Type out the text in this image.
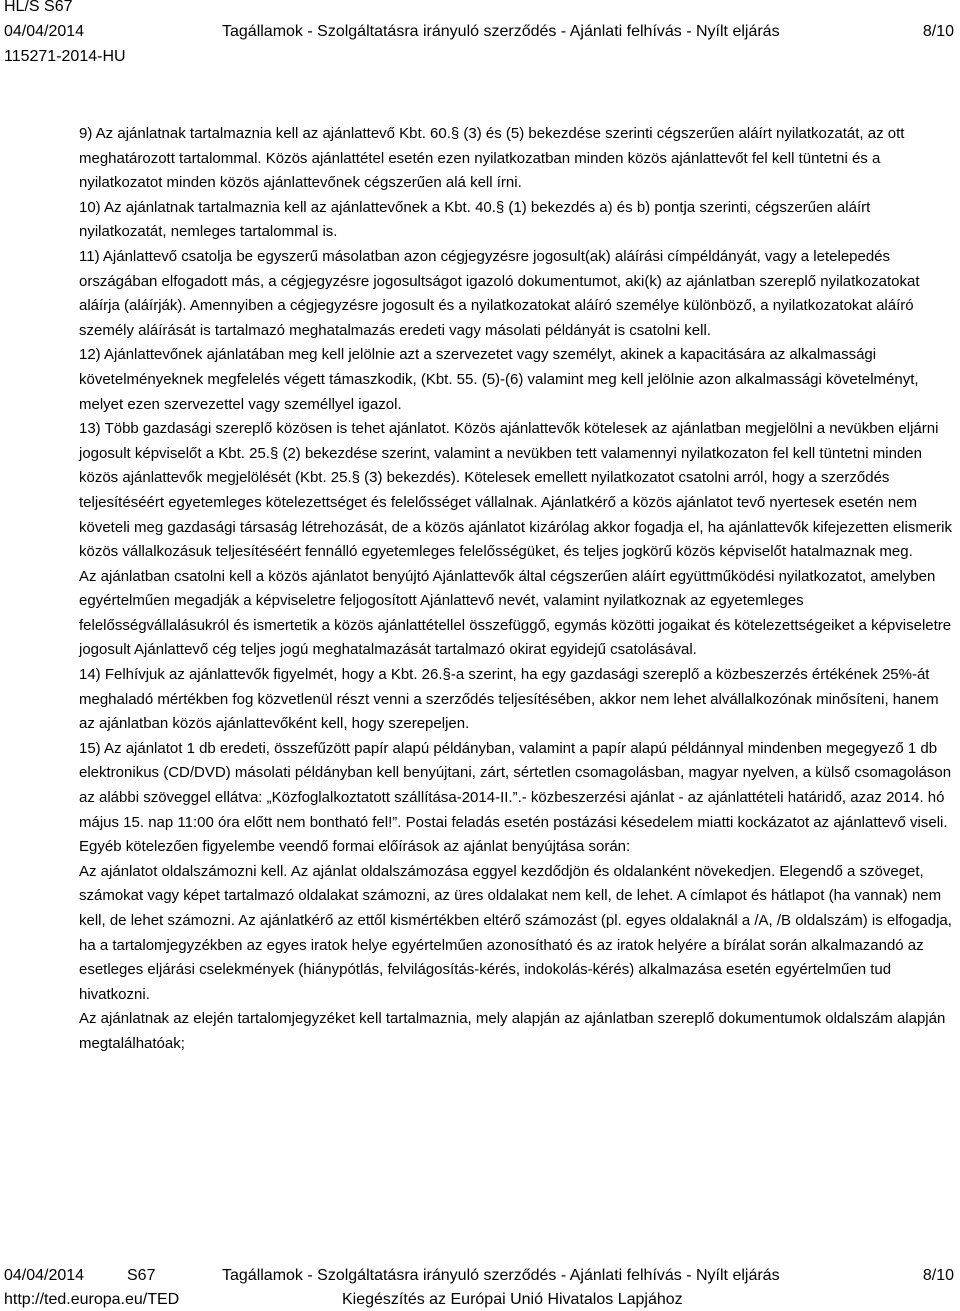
HL/S S67
04/04/2014	Tagállamok - Szolgáltatásra irányuló szerződés - Ajánlati felhívás - Nyílt eljárás	8/10
115271-2014-HU

9) Az ajánlatnak tartalmaznia kell az ajánlattevő Kbt. 60.§ (3) és (5) bekezdése szerinti cégszerűen aláírt nyilatkozatát, az ott meghatározott tartalommal. Közös ajánlattétel esetén ezen nyilatkozatban minden közös ajánlattevőt fel kell tüntetni és a nyilatkozatot minden közös ajánlattevőnek cégszerűen alá kell írni.

10) Az ajánlatnak tartalmaznia kell az ajánlattevőnek a Kbt. 40.§ (1) bekezdés a) és b) pontja szerinti, cégszerűen aláírt nyilatkozatát, nemleges tartalommal is.

11) Ajánlattevő csatolja be egyszerű másolatban azon cégjegyzésre jogosult(ak) aláírási címpéldányát, vagy a letelepedés országában elfogadott más, a cégjegyzésre jogosultságot igazoló dokumentumot, aki(k) az ajánlatban szereplő nyilatkozatokat aláírja (aláírják). Amennyiben a cégjegyzésre jogosult és a nyilatkozatokat aláíró személye különböző, a nyilatkozatokat aláíró személy aláírását is tartalmazó meghatalmazás eredeti vagy másolati példányát is csatolni kell.

12) Ajánlattevőnek ajánlatában meg kell jelölnie azt a szervezetet vagy személyt, akinek a kapacitására az alkalmassági követelményeknek megfelelés végett támaszkodik, (Kbt. 55. (5)-(6) valamint meg kell jelölnie azon alkalmassági követelményt, melyet ezen szervezettel vagy személlyel igazol.

13) Több gazdasági szereplő közösen is tehet ajánlatot. Közös ajánlattevők kötelesek az ajánlatban megjelölni a nevükben eljárni jogosult képviselőt a Kbt. 25.§ (2) bekezdése szerint, valamint a nevükben tett valamennyi nyilatkozaton fel kell tüntetni minden közös ajánlattevők megjelölését (Kbt. 25.§ (3) bekezdés). Kötelesek emellett nyilatkozatot csatolni arról, hogy a szerződés teljesítéséért egyetemleges kötelezettséget és felelősséget vállalnak. Ajánlatkérő a közös ajánlatot tevő nyertesek esetén nem követeli meg gazdasági társaság létrehozását, de a közös ajánlatot kizárólag akkor fogadja el, ha ajánlattevők kifejezetten elismerik közös vállalkozásuk teljesítéséért fennálló egyetemleges felelősségüket, és teljes jogkörű közös képviselőt hatalmaznak meg.

Az ajánlatban csatolni kell a közös ajánlatot benyújtó Ajánlattevők által cégszerűen aláírt együttműködési nyilatkozatot, amelyben egyértelműen megadják a képviseletre feljogosított Ajánlattevő nevét, valamint nyilatkoznak az egyetemleges felelősségvállalásukról és ismertetik a közös ajánlattétellel összefüggő, egymás közötti jogaikat és kötelezettségeiket a képviseletre jogosult Ajánlattevő cég teljes jogú meghatalmazását tartalmazó okirat egyidejű csatolásával.

14) Felhívjuk az ajánlattevők figyelmét, hogy a Kbt. 26.§-a szerint, ha egy gazdasági szereplő a közbeszerzés értékének 25%-át meghaladó mértékben fog közvetlenül részt venni a szerződés teljesítésében, akkor nem lehet alvállalkozónak minősíteni, hanem az ajánlatban közös ajánlattevőként kell, hogy szerepeljen.

15) Az ajánlatot 1 db eredeti, összefűzött papír alapú példányban, valamint a papír alapú példánnyal mindenben megegyező 1 db elektronikus (CD/DVD) másolati példányban kell benyújtani, zárt, sértetlen csomagolásban, magyar nyelven, a külső csomagoláson az alábbi szöveggel ellátva: „Közfoglalkoztatott szállítása-2014-II.”.- közbeszerzési ajánlat - az ajánlattételi határidő, azaz 2014. hó május 15. nap 11:00 óra előtt nem bontható fel!”. Postai feladás esetén postázási késedelem miatti kockázatot az ajánlattevő viseli.

Egyéb kötelezően figyelembe veendő formai előírások az ajánlat benyújtása során:

Az ajánlatot oldalszámozni kell. Az ajánlat oldalszámozása eggyel kezdődjön és oldalanként növekedjen. Elegendő a szöveget, számokat vagy képet tartalmazó oldalakat számozni, az üres oldalakat nem kell, de lehet. A címlapot és hátlapot (ha vannak) nem kell, de lehet számozni. Az ajánlatkérő az ettől kismértékben eltérő számozást (pl. egyes oldalaknál a /A, /B oldalszám) is elfogadja, ha a tartalomjegyzékben az egyes iratok helye egyértelműen azonosítható és az iratok helyére a bírálat során alkalmazandó az esetleges eljárási cselekmények (hiánypótlás, felvilágosítás-kérés, indokolás-kérés) alkalmazása esetén egyértelműen tud hivatkozni.

Az ajánlatnak az elején tartalomjegyzéket kell tartalmaznia, mely alapján az ajánlatban szereplő dokumentumok oldalszám alapján megtalálhatóak;

04/04/2014	S67	Tagállamok - Szolgáltatásra irányuló szerződés - Ajánlati felhívás - Nyílt eljárás	8/10
http://ted.europa.eu/TED	Kiegészítés az Európai Unió Hivatalos Lapjához
